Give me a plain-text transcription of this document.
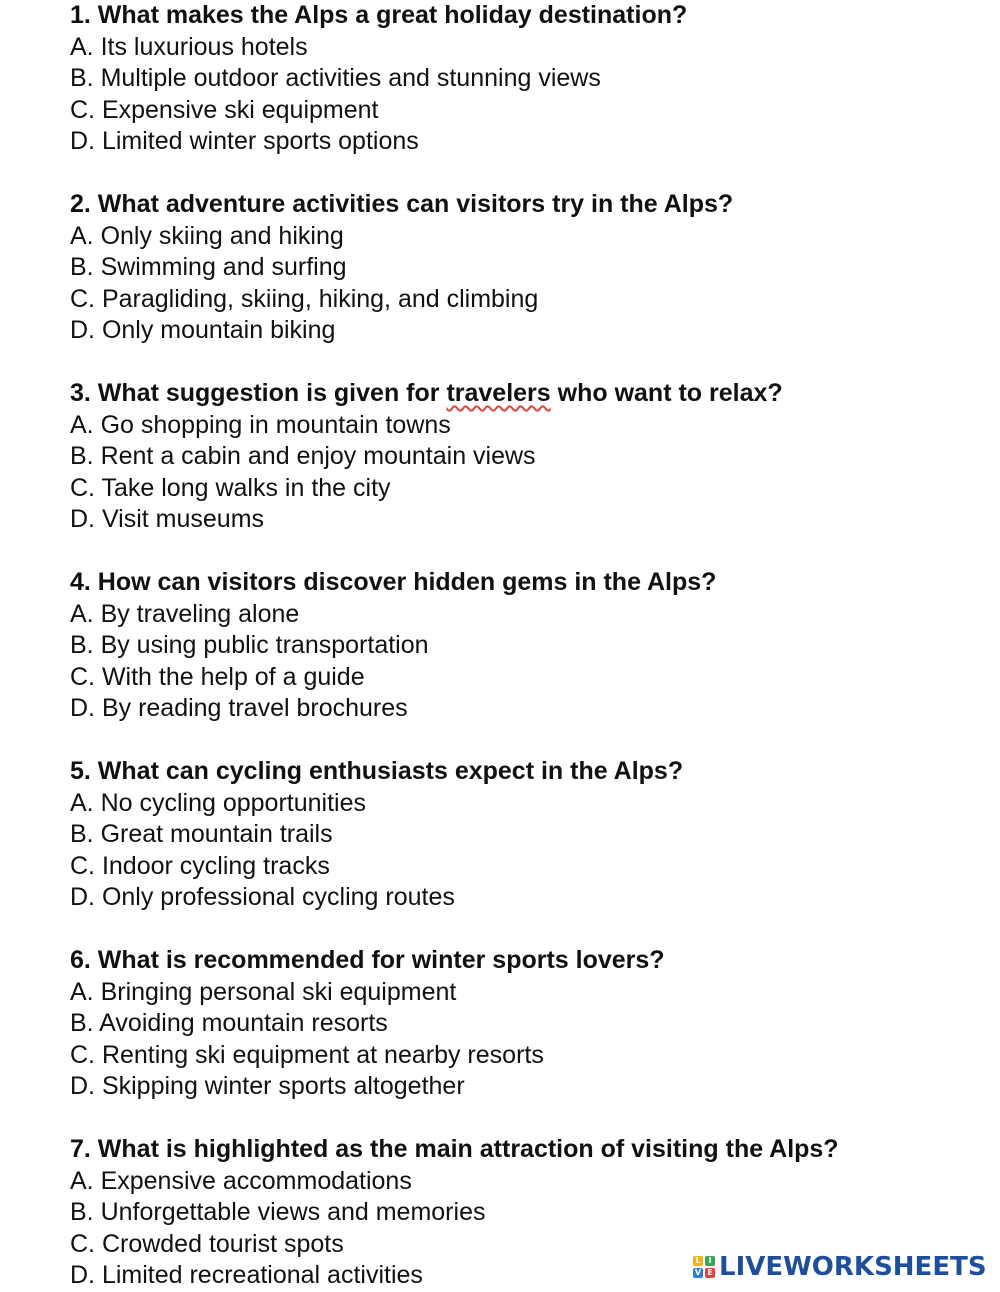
1. What makes the Alps a great holiday destination?
A. Its luxurious hotels
B. Multiple outdoor activities and stunning views
C. Expensive ski equipment
D. Limited winter sports options
2. What adventure activities can visitors try in the Alps?
A. Only skiing and hiking
B. Swimming and surfing
C. Paragliding, skiing, hiking, and climbing
D. Only mountain biking
3. What suggestion is given for travelers who want to relax?
A. Go shopping in mountain towns
B. Rent a cabin and enjoy mountain views
C. Take long walks in the city
D. Visit museums
4. How can visitors discover hidden gems in the Alps?
A. By traveling alone
B. By using public transportation
C. With the help of a guide
D. By reading travel brochures
5. What can cycling enthusiasts expect in the Alps?
A. No cycling opportunities
B. Great mountain trails
C. Indoor cycling tracks
D. Only professional cycling routes
6. What is recommended for winter sports lovers?
A. Bringing personal ski equipment
B. Avoiding mountain resorts
C. Renting ski equipment at nearby resorts
D. Skipping winter sports altogether
7. What is highlighted as the main attraction of visiting the Alps?
A. Expensive accommodations
B. Unforgettable views and memories
C. Crowded tourist spots
D. Limited recreational activities
L I
V E LIVEWORKSHEETS
